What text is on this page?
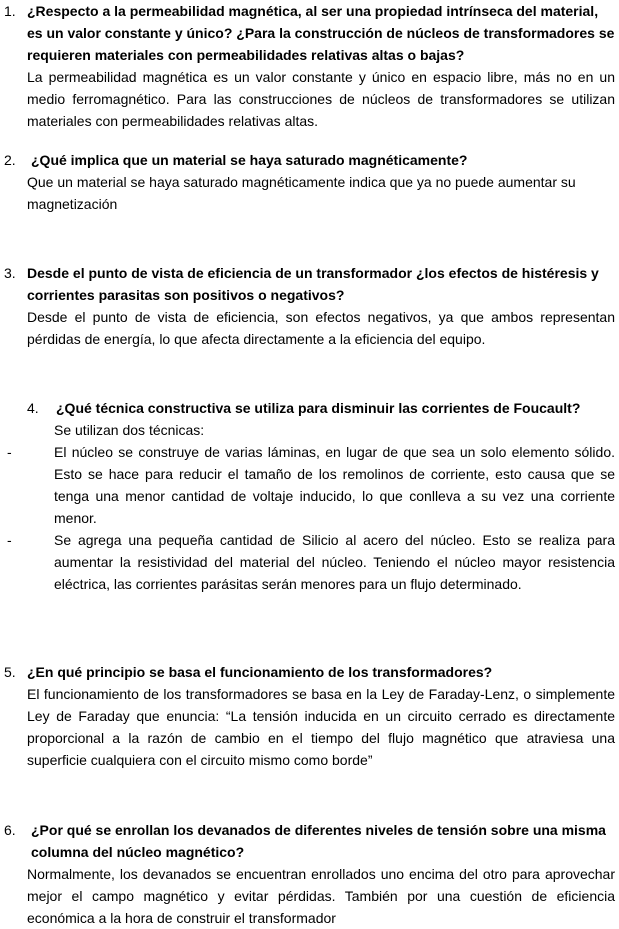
1. ¿Respecto a la permeabilidad magnética, al ser una propiedad intrínseca del material, es un valor constante y único? ¿Para la construcción de núcleos de transformadores se requieren materiales con permeabilidades relativas altas o bajas?

La permeabilidad magnética es un valor constante y único en espacio libre, más no en un medio ferromagnético. Para las construcciones de núcleos de transformadores se utilizan materiales con permeabilidades relativas altas.

2. ¿Qué implica que un material se haya saturado magnéticamente?

Que un material se haya saturado magnéticamente indica que ya no puede aumentar su magnetización

3. Desde el punto de vista de eficiencia de un transformador ¿los efectos de histéresis y corrientes parasitas son positivos o negativos?

Desde el punto de vista de eficiencia, son efectos negativos, ya que ambos representan pérdidas de energía, lo que afecta directamente a la eficiencia del equipo.

4. ¿Qué técnica constructiva se utiliza para disminuir las corrientes de Foucault?

Se utilizan dos técnicas:

-	El núcleo se construye de varias láminas, en lugar de que sea un solo elemento sólido. Esto se hace para reducir el tamaño de los remolinos de corriente, esto causa que se tenga una menor cantidad de voltaje inducido, lo que conlleva a su vez una corriente menor.

-	Se agrega una pequeña cantidad de Silicio al acero del núcleo. Esto se realiza para aumentar la resistividad del material del núcleo. Teniendo el núcleo mayor resistencia eléctrica, las corrientes parásitas serán menores para un flujo determinado.

5. ¿En qué principio se basa el funcionamiento de los transformadores?

El funcionamiento de los transformadores se basa en la Ley de Faraday-Lenz, o simplemente Ley de Faraday que enuncia: “La tensión inducida en un circuito cerrado es directamente proporcional a la razón de cambio en el tiempo del flujo magnético que atraviesa una superficie cualquiera con el circuito mismo como borde”

6. ¿Por qué se enrollan los devanados de diferentes niveles de tensión sobre una misma columna del núcleo magnético?

Normalmente, los devanados se encuentran enrollados uno encima del otro para aprovechar mejor el campo magnético y evitar pérdidas. También por una cuestión de eficiencia económica a la hora de construir el transformador
